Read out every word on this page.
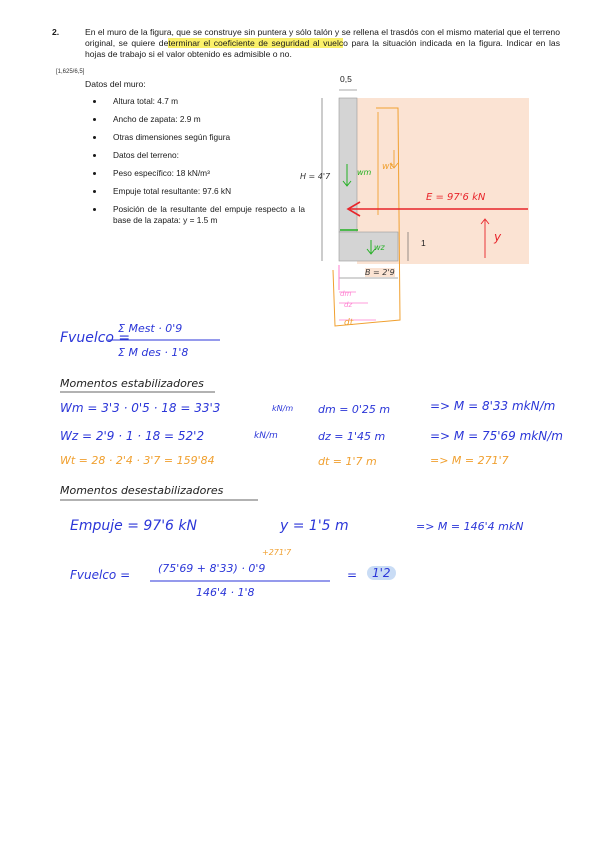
2.	En el muro de la figura, que se construye sin puntera y sólo talón y se rellena el trasdós con el mismo material que el terreno original, se quiere determinar el coeficiente de seguridad al vuelco para la situación indicada en la figura. Indicar en las hojas de trabajo si el valor obtenido es admisible o no.
[1,625/6,5]
Datos del muro:
• Altura total: 4.7 m
• Ancho de zapata: 2.9 m
• Otras dimensiones según figura
• Datos del terreno:
• Peso específico: 18 kN/m³
• Empuje total resultante: 97.6 kN
• Posición de la resultante del empuje respecto a la base de la zapata: y = 1.5 m
0,5
H = 4'7
1
B = 2'9
wm
wz
wt
E = 97'6 kN
y
dm
dz
dt
Fvuelco =
Σ Mest · 0'9
Σ M des · 1'8
Momentos estabilizadores
Wm = 3'3 · 0'5 · 18 = 33'3	kN/m dm = 0'25 m	=> M = 8'33 mkN/m
Wz = 2'9 · 1 · 18 = 52'2	kN/m	dz = 1'45 m	=> M = 75'69 mkN/m
Wt = 28 · 2'4 · 3'7 = 159'84	dt = 1'7 m	=> M = 271'7
Momentos desestabilizadores
Empuje = 97'6 kN	y = 1'5 m	=> M = 146'4 mkN
Fvuelco =
+271'7
(75'69 + 8'33) · 0'9
146'4 · 1'8
=	1'2
